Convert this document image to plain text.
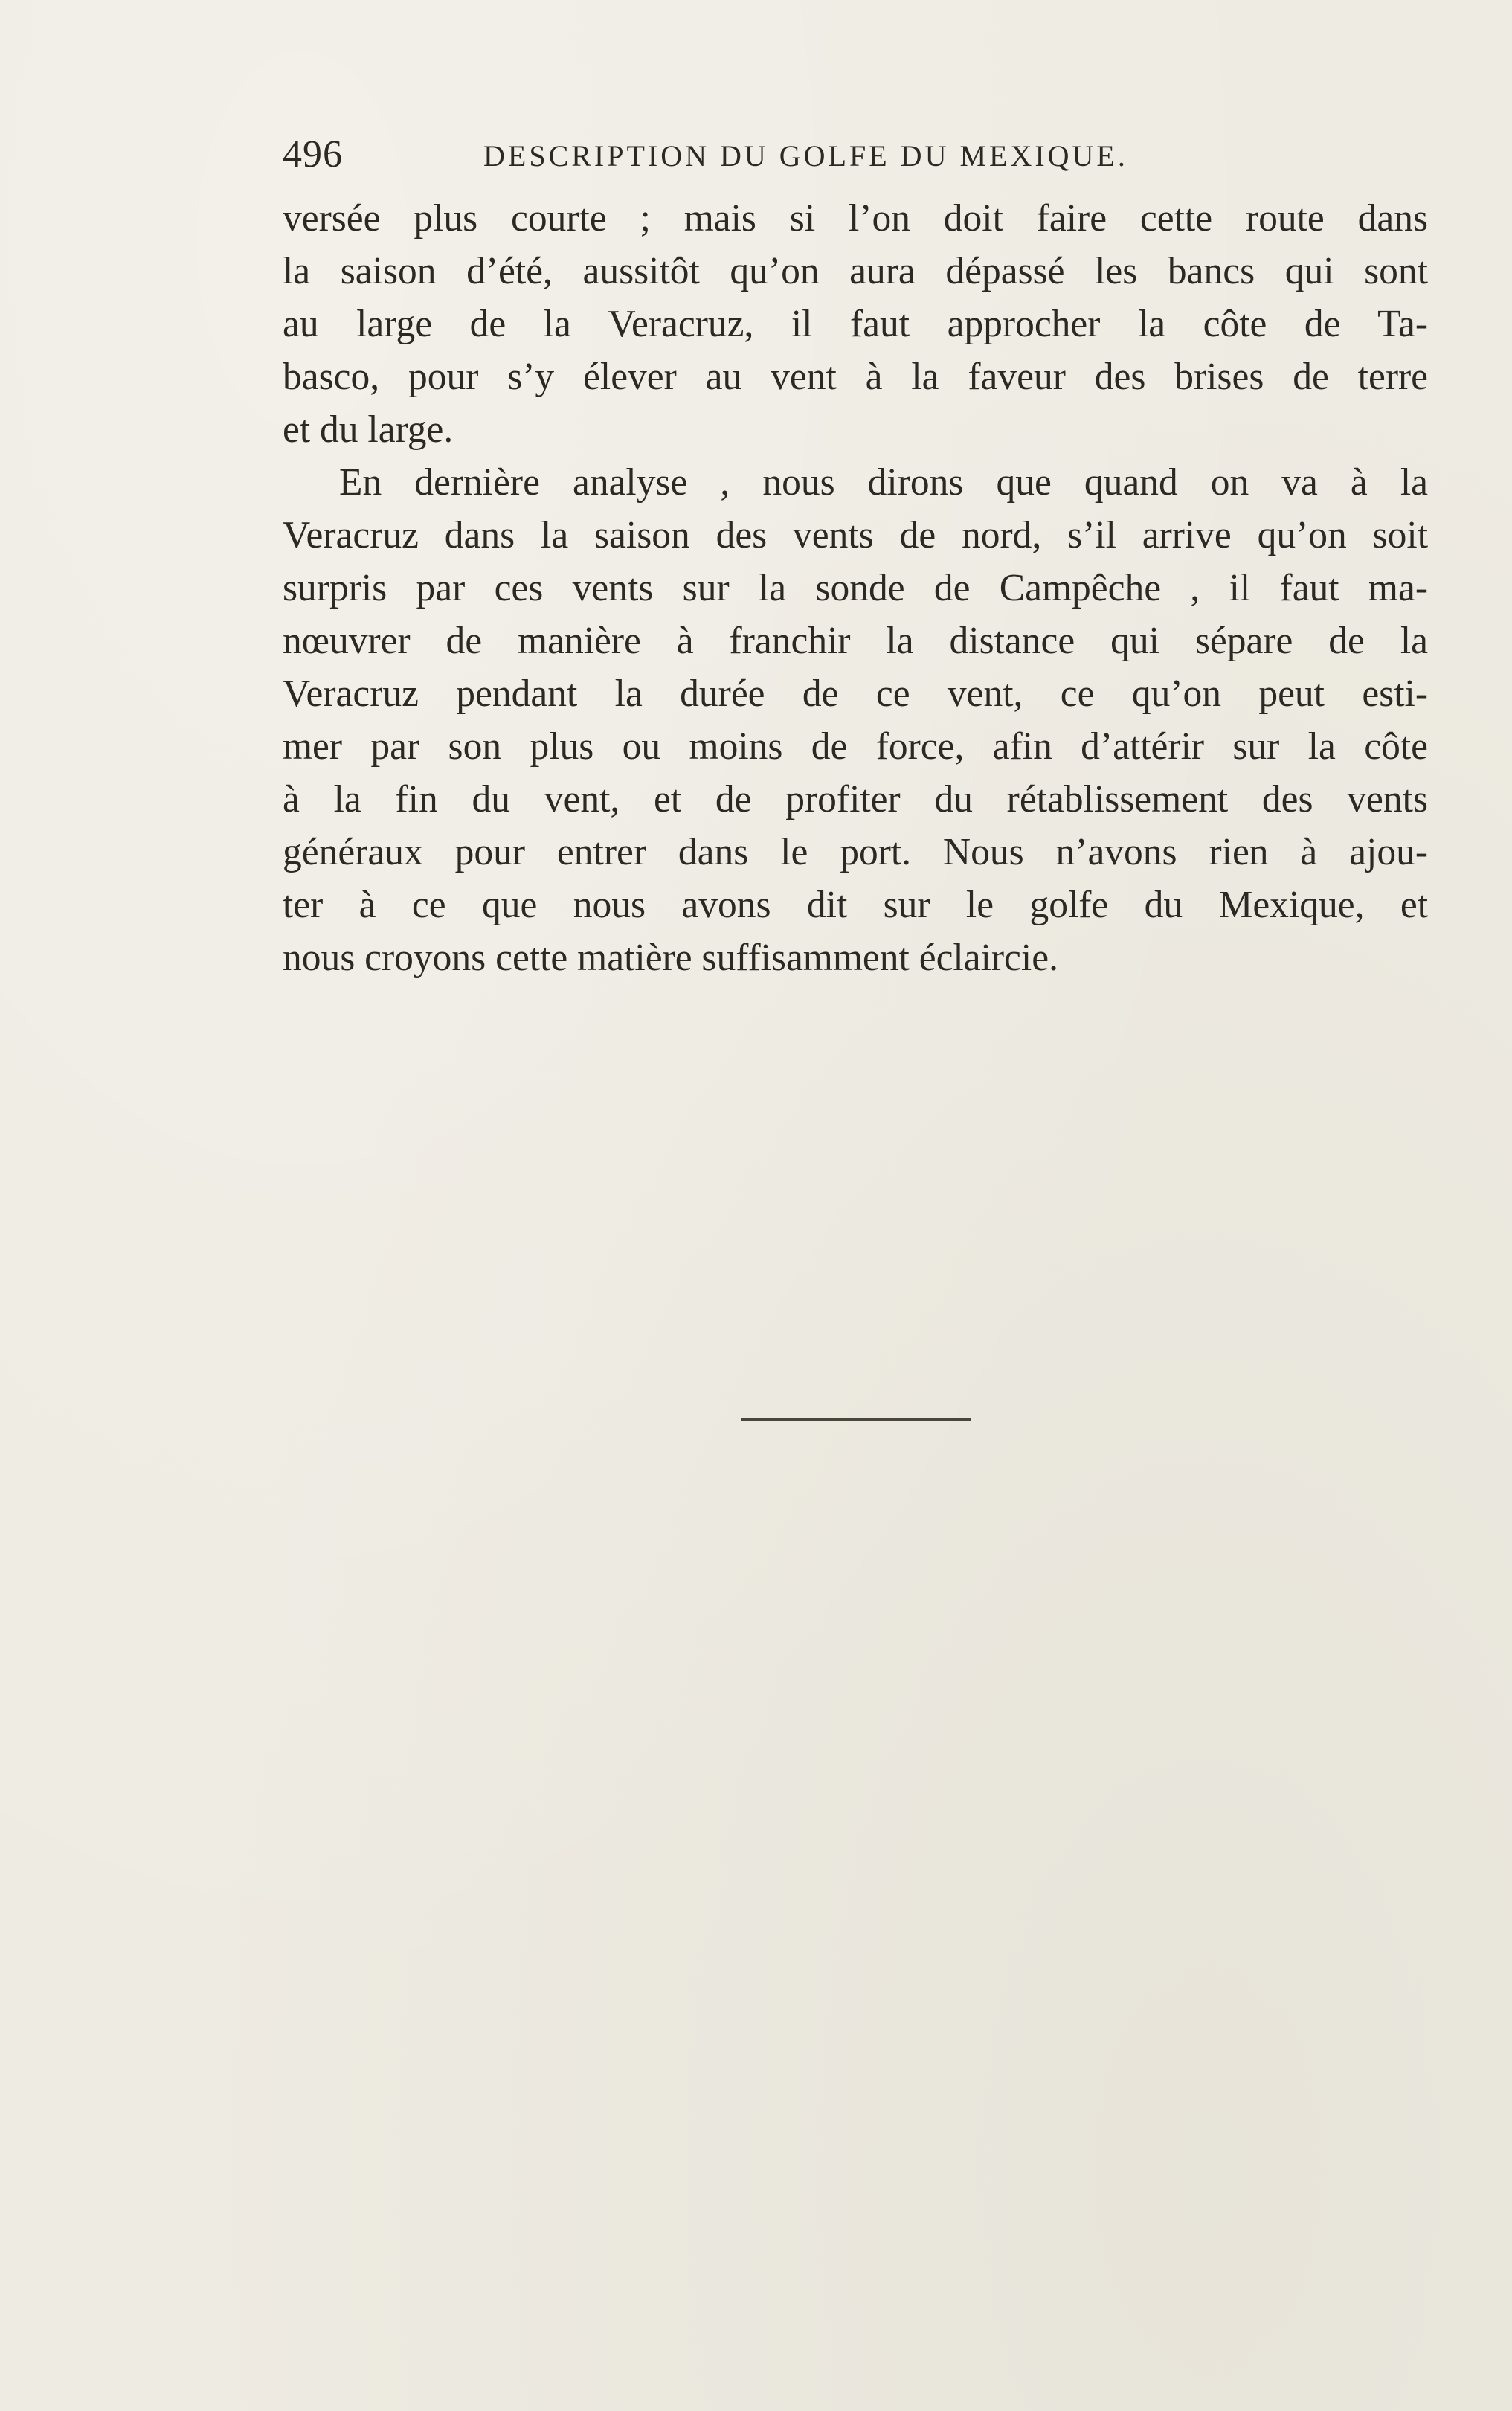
496	DESCRIPTION DU GOLFE DU MEXIQUE.
versée plus courte ; mais si l’on doit faire cette route dans
la saison d’été, aussitôt qu’on aura dépassé les bancs qui sont
au large de la Veracruz, il faut approcher la côte de Ta-
basco, pour s’y élever au vent à la faveur des brises de terre
et du large.
En dernière analyse , nous dirons que quand on va à la
Veracruz dans la saison des vents de nord, s’il arrive qu’on soit
surpris par ces vents sur la sonde de Campêche , il faut ma-
nœuvrer de manière à franchir la distance qui sépare de la
Veracruz pendant la durée de ce vent, ce qu’on peut esti-
mer par son plus ou moins de force, afin d’attérir sur la côte
à la fin du vent, et de profiter du rétablissement des vents
généraux pour entrer dans le port. Nous n’avons rien à ajou-
ter à ce que nous avons dit sur le golfe du Mexique, et
nous croyons cette matière suffisamment éclaircie.
